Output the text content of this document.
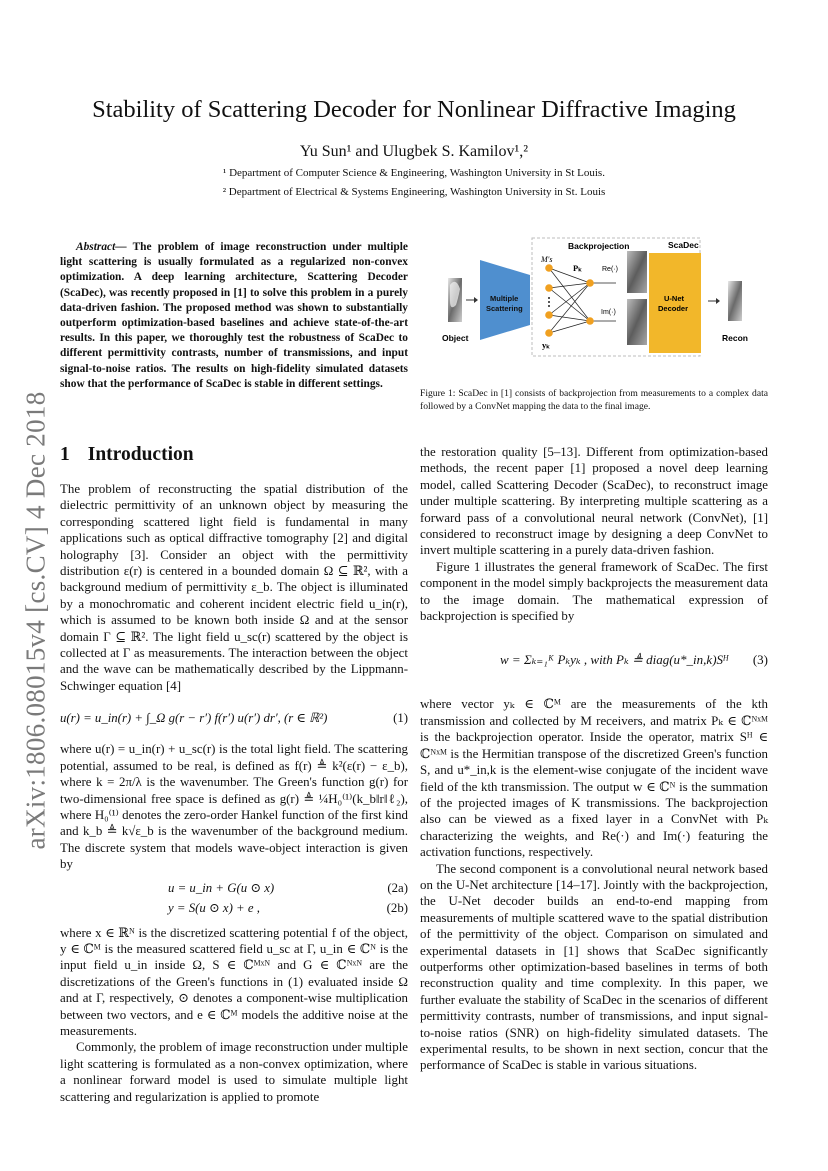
arXiv:1806.08015v4 [cs.CV] 4 Dec 2018
Stability of Scattering Decoder for Nonlinear Diffractive Imaging
Yu Sun¹ and Ulugbek S. Kamilov¹,²
¹ Department of Computer Science & Engineering, Washington University in St Louis.
² Department of Electrical & Systems Engineering, Washington University in St. Louis
Abstract— The problem of image reconstruction under multiple light scattering is usually formulated as a regularized non-convex optimization. A deep learning architecture, Scattering Decoder (ScaDec), was recently proposed in [1] to solve this problem in a purely data-driven fashion. The proposed method was shown to substantially outperform optimization-based baselines and achieve state-of-the-art results. In this paper, we thoroughly test the robustness of ScaDec to different permittivity contrasts, number of transmissions, and input signal-to-noise ratios. The results on high-fidelity simulated datasets show that the performance of ScaDec is stable in different settings.
Object
Multiple
Scattering
Backprojection	ScaDec
M's
Pₖ	Re(·)
Im(·)
yₖ
U-Net
Decoder
Recon
Figure 1: ScaDec in [1] consists of backprojection from measurements to a complex data followed by a ConvNet mapping the data to the final image.
1 Introduction

The problem of reconstructing the spatial distribution of the dielectric permittivity of an unknown object by measuring the corresponding scattered light field is fundamental in many applications such as optical diffractive tomography [2] and digital holography [3]. Consider an object with the permittivity distribution ε(r) is centered in a bounded domain Ω ⊆ ℝ², with a background medium of permittivity ε_b. The object is illuminated by a monochromatic and coherent incident electric field u_in(r), which is assumed to be known both inside Ω and at the sensor domain Γ ⊆ ℝ². The light field u_sc(r) scattered by the object is collected at Γ as measurements. The interaction between the object and the wave can be mathematically described by the Lippmann-Schwinger equation [4]

u(r) = u_in(r) + ∫_Ω g(r − r′) f(r′) u(r′) dr′, (r ∈ ℝ²)	(1)

where u(r) = u_in(r) + u_sc(r) is the total light field. The scattering potential, assumed to be real, is defined as f(r) ≜ k²(ε(r) − ε_b), where k = 2π/λ is the wavenumber. The Green's function g(r) for two-dimensional free space is defined as g(r) ≜ ¼H₀⁽¹⁾(k_b‖r‖ℓ₂), where H₀⁽¹⁾ denotes the zero-order Hankel function of the first kind and k_b ≜ k√ε_b is the wavenumber of the background medium. The discrete system that models wave-object interaction is given by

u = u_in + G(u ⊙ x)	(2a)
y = S(u ⊙ x) + e ,	(2b)

where x ∈ ℝᴺ is the discretized scattering potential f of the object, y ∈ ℂᴹ is the measured scattered field u_sc at Γ, u_in ∈ ℂᴺ is the input field u_in inside Ω, S ∈ ℂᴹˣᴺ and G ∈ ℂᴺˣᴺ are the discretizations of the Green's functions in (1) evaluated inside Ω and at Γ, respectively, ⊙ denotes a component-wise multiplication between two vectors, and e ∈ ℂᴹ models the additive noise at the measurements.

Commonly, the problem of image reconstruction under multiple light scattering is formulated as a non-convex optimization, where a nonlinear forward model is used to simulate multiple light scattering and regularization is applied to promote

the restoration quality [5–13]. Different from optimization-based methods, the recent paper [1] proposed a novel deep learning model, called Scattering Decoder (ScaDec), to reconstruct image under multiple scattering. By interpreting multiple scattering as a forward pass of a convolutional neural network (ConvNet), [1] considered to reconstruct image by designing a deep ConvNet to invert multiple scattering in a purely data-driven fashion.

Figure 1 illustrates the general framework of ScaDec. The first component in the model simply backprojects the measurement data to the image domain. The mathematical expression of backprojection is specified by

w = Σₖ₌₁ᴷ Pₖyₖ , with Pₖ ≜ diag(u*_in,k)Sᴴ	(3)

where vector yₖ ∈ ℂᴹ are the measurements of the kth transmission and collected by M receivers, and matrix Pₖ ∈ ℂᴺˣᴹ is the backprojection operator. Inside the operator, matrix Sᴴ ∈ ℂᴺˣᴹ is the Hermitian transpose of the discretized Green's function S, and u*_in,k is the element-wise conjugate of the incident wave field of the kth transmission. The output w ∈ ℂᴺ is the summation of the projected images of K transmissions. The backprojection also can be viewed as a fixed layer in a ConvNet with Pₖ characterizing the weights, and Re(·) and Im(·) featuring the activation functions, respectively.

The second component is a convolutional neural network based on the U-Net architecture [14–17]. Jointly with the backprojection, the U-Net decoder builds an end-to-end mapping from measurements of multiple scattered wave to the spatial distribution of the permittivity of the object. Comparison on simulated and experimental datasets in [1] shows that ScaDec significantly outperforms other optimization-based baselines in terms of both reconstruction quality and time complexity. In this paper, we further evaluate the stability of ScaDec in the scenarios of different permittivity contrasts, number of transmissions, and input signal-to-noise ratios (SNR) on high-fidelity simulated datasets. The experimental results, to be shown in next section, concur that the performance of ScaDec is stable in various situations.
